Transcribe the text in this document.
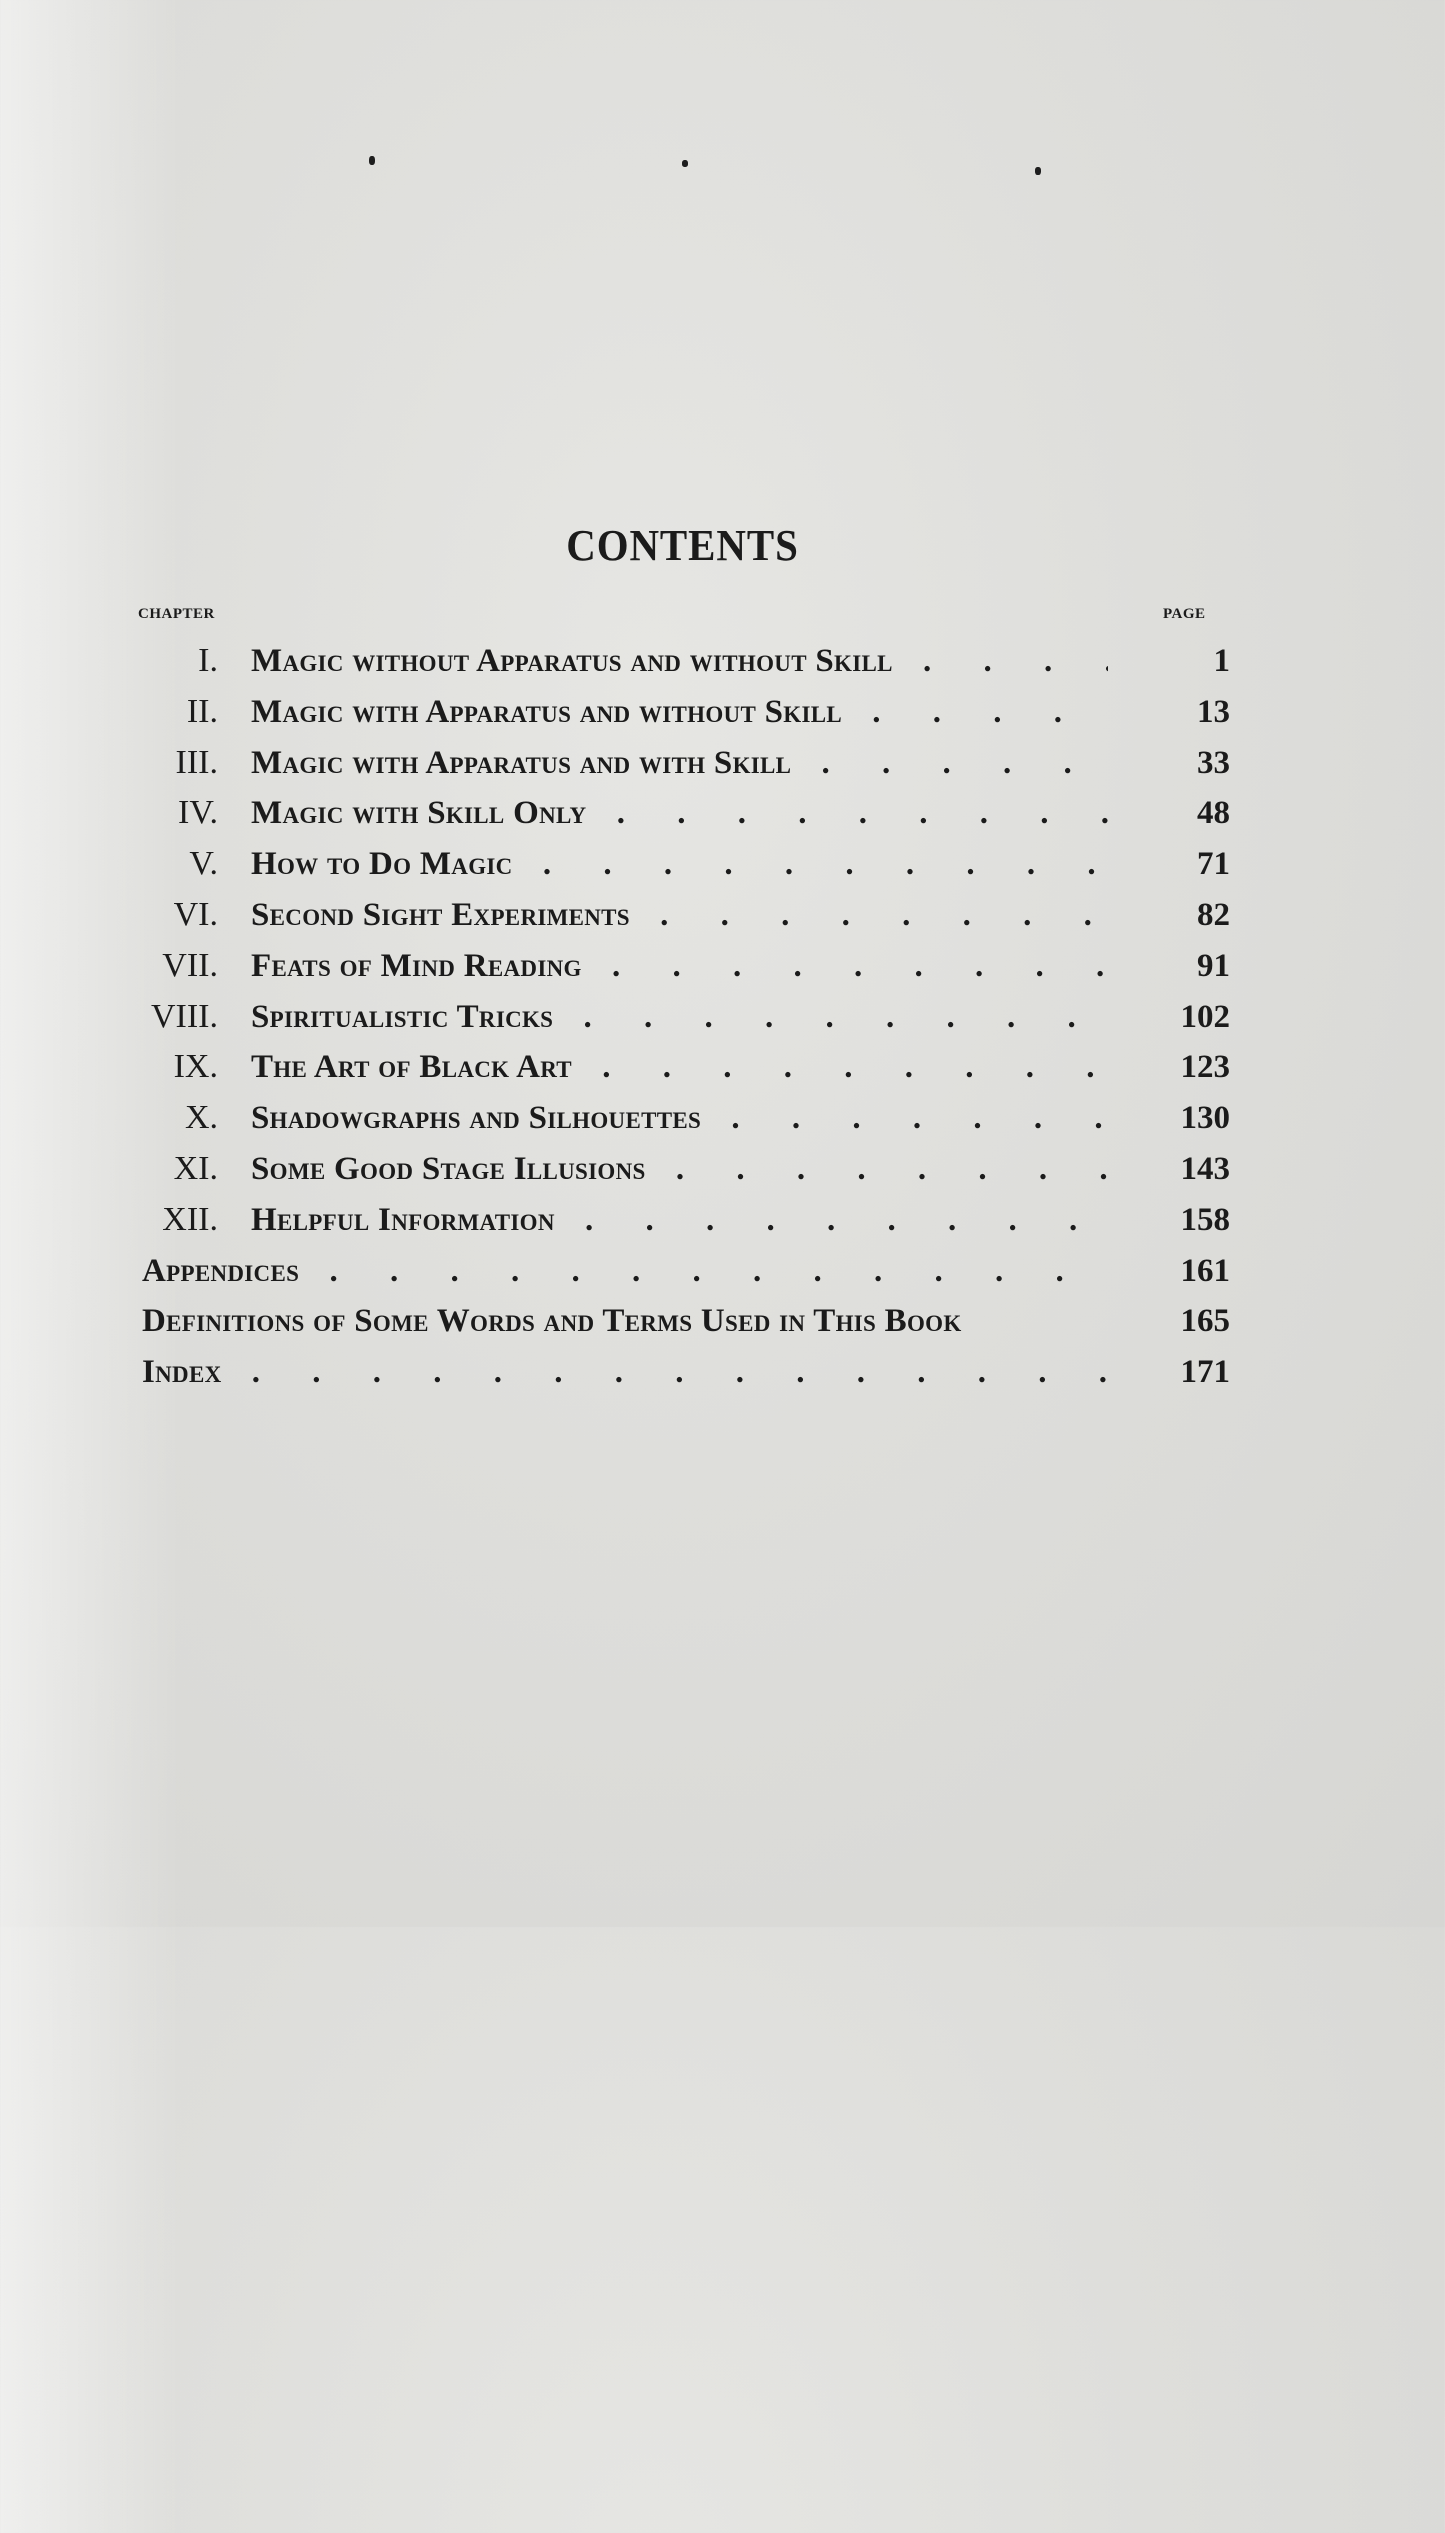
CONTENTS
CHAPTER	PAGE
I. Magic without Apparatus and without Skill . . .	1
II. Magic with Apparatus and without Skill . . .	13
III. Magic with Apparatus and with Skill . . .	33
IV. Magic with Skill Only . . .	48
V. How to Do Magic . . .	71
VI. Second Sight Experiments . . .	82
VII. Feats of Mind Reading . . .	91
VIII. Spiritualistic Tricks . . .	102
IX. The Art of Black Art . . .	123
X. Shadowgraphs and Silhouettes . . .	130
XI. Some Good Stage Illusions . . .	143
XII. Helpful Information . . .	158
Appendices . . .	161
Definitions of Some Words and Terms Used in This Book	165
Index . . .	171
